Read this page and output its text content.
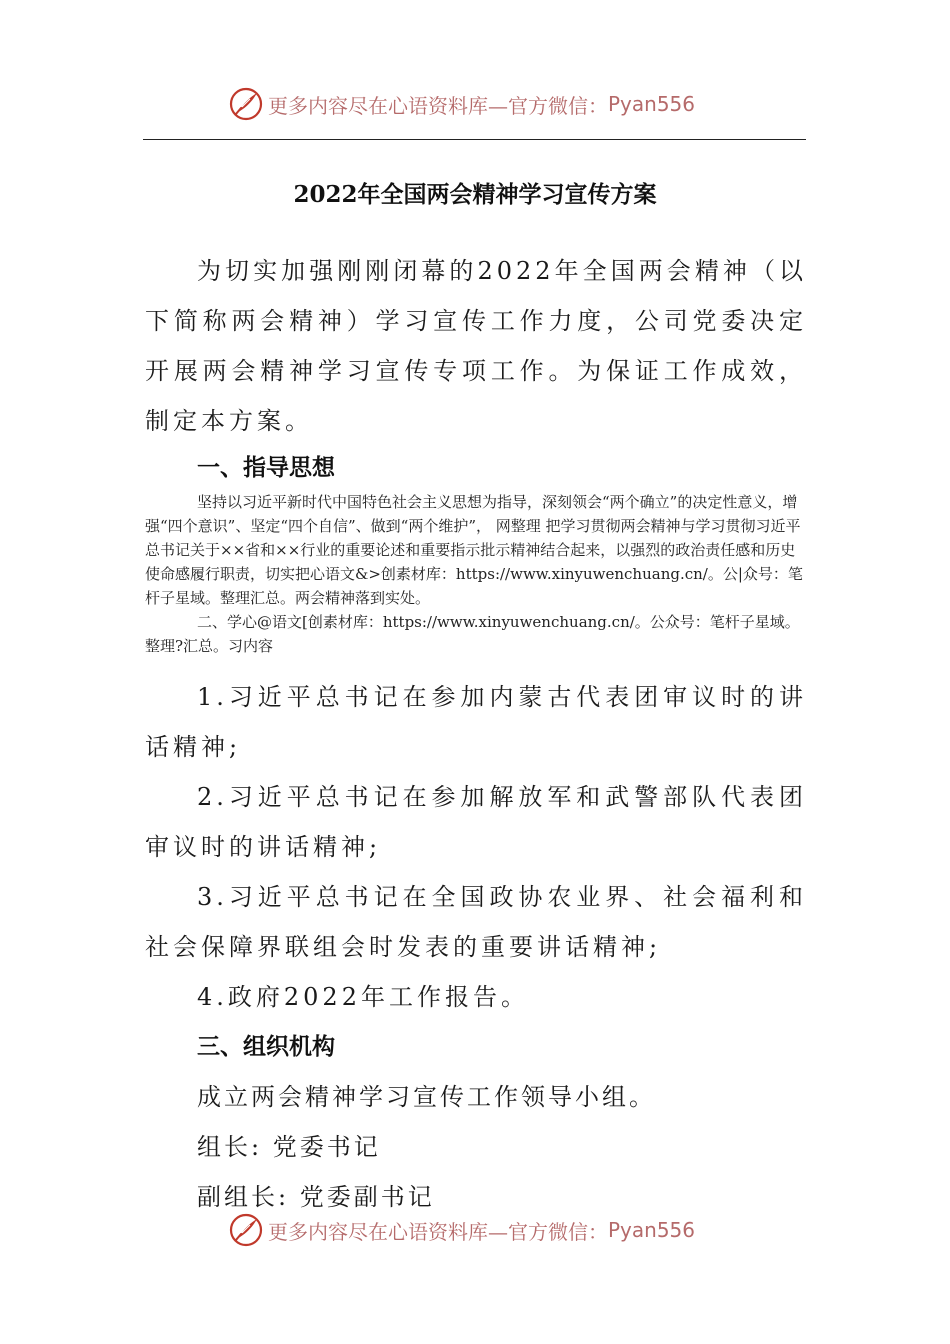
更多内容尽在心语资料库—官方微信： Pyan556
2022年全国两会精神学习宣传方案

为切实加强刚刚闭幕的2022年全国两会精神（以下简称两会精神）学习宣传工作力度，公司党委决定开展两会精神学习宣传专项工作。为保证工作成效，制定本方案。

一、指导思想

坚持以习近平新时代中国特色社会主义思想为指导，深刻领会“两个确立”的决定性意义，增强“四个意识”、坚定“四个自信”、做到“两个维护”， 网整理 把学习贯彻两会精神与学习贯彻习近平总书记关于××省和××行业的重要论述和重要指示批示精神结合起来，以强烈的政治责任感和历史使命感履行职责，切实把心语文&>创素材库：https://www.xinyuwenchuang.cn/。公|众号：笔杆子星域。整理汇总。两会精神落到实处。

二、学心@语文[创素材库：https://www.xinyuwenchuang.cn/。公众号：笔杆子星域。整理?汇总。习内容

1.习近平总书记在参加内蒙古代表团审议时的讲话精神;

2.习近平总书记在参加解放军和武警部队代表团审议时的讲话精神;

3.习近平总书记在全国政协农业界、社会福利和社会保障界联组会时发表的重要讲话精神;

4.政府2022年工作报告。

三、组织机构

成立两会精神学习宣传工作领导小组。

组长: 党委书记

副组长: 党委副书记

更多内容尽在心语资料库—官方微信： Pyan556
